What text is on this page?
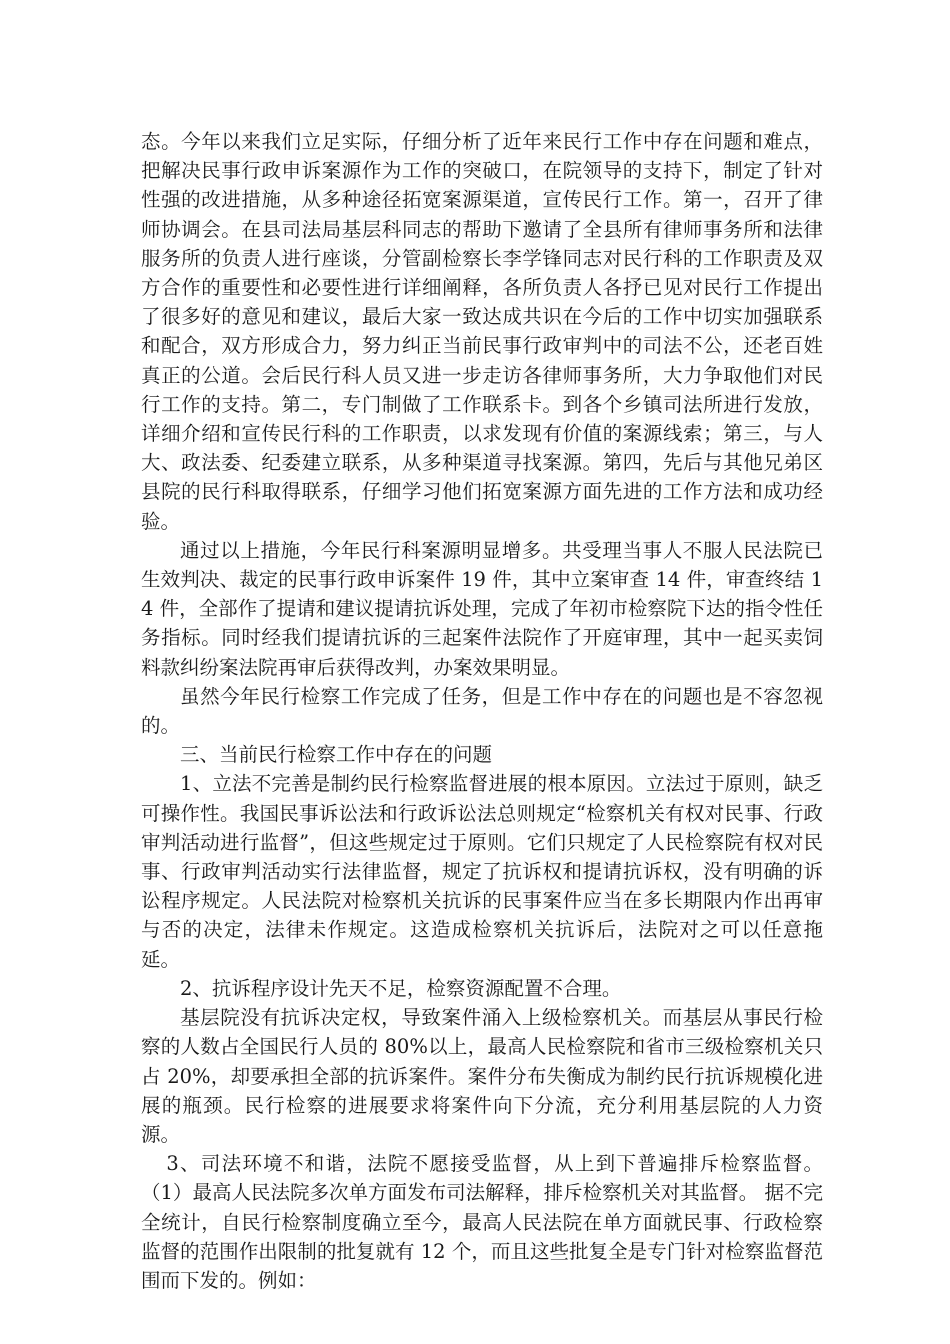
态。今年以来我们立足实际，仔细分析了近年来民行工作中存在问题和难点，把解决民事行政申诉案源作为工作的突破口，在院领导的支持下，制定了针对性强的改进措施，从多种途径拓宽案源渠道，宣传民行工作。第一，召开了律师协调会。在县司法局基层科同志的帮助下邀请了全县所有律师事务所和法律服务所的负责人进行座谈，分管副检察长李学锋同志对民行科的工作职责及双方合作的重要性和必要性进行详细阐释，各所负责人各抒已见对民行工作提出了很多好的意见和建议，最后大家一致达成共识在今后的工作中切实加强联系和配合，双方形成合力，努力纠正当前民事行政审判中的司法不公，还老百姓真正的公道。会后民行科人员又进一步走访各律师事务所，大力争取他们对民行工作的支持。第二，专门制做了工作联系卡。到各个乡镇司法所进行发放，详细介绍和宣传民行科的工作职责，以求发现有价值的案源线索；第三，与人大、政法委、纪委建立联系，从多种渠道寻找案源。第四，先后与其他兄弟区县院的民行科取得联系，仔细学习他们拓宽案源方面先进的工作方法和成功经验。

通过以上措施，今年民行科案源明显增多。共受理当事人不服人民法院已生效判决、裁定的民事行政申诉案件 19 件，其中立案审查 14 件，审查终结 14 件，全部作了提请和建议提请抗诉处理，完成了年初市检察院下达的指令性任务指标。同时经我们提请抗诉的三起案件法院作了开庭审理，其中一起买卖饲料款纠纷案法院再审后获得改判，办案效果明显。

虽然今年民行检察工作完成了任务，但是工作中存在的问题也是不容忽视的。

三、当前民行检察工作中存在的问题

1、立法不完善是制约民行检察监督进展的根本原因。立法过于原则，缺乏可操作性。我国民事诉讼法和行政诉讼法总则规定“检察机关有权对民事、行政审判活动进行监督”，但这些规定过于原则。它们只规定了人民检察院有权对民事、行政审判活动实行法律监督，规定了抗诉权和提请抗诉权，没有明确的诉讼程序规定。人民法院对检察机关抗诉的民事案件应当在多长期限内作出再审与否的决定，法律未作规定。这造成检察机关抗诉后，法院对之可以任意拖延。

2、抗诉程序设计先天不足，检察资源配置不合理。

基层院没有抗诉决定权，导致案件涌入上级检察机关。而基层从事民行检察的人数占全国民行人员的 80%以上，最高人民检察院和省市三级检察机关只占 20%，却要承担全部的抗诉案件。案件分布失衡成为制约民行抗诉规模化进展的瓶颈。民行检察的进展要求将案件向下分流，充分利用基层院的人力资源。

3、司法环境不和谐，法院不愿接受监督，从上到下普遍排斥检察监督。 （1）最高人民法院多次单方面发布司法解释，排斥检察机关对其监督。 据不完全统计，自民行检察制度确立至今，最高人民法院在单方面就民事、行政检察监督的范围作出限制的批复就有 12 个，而且这些批复全是专门针对检察监督范围而下发的。例如：
